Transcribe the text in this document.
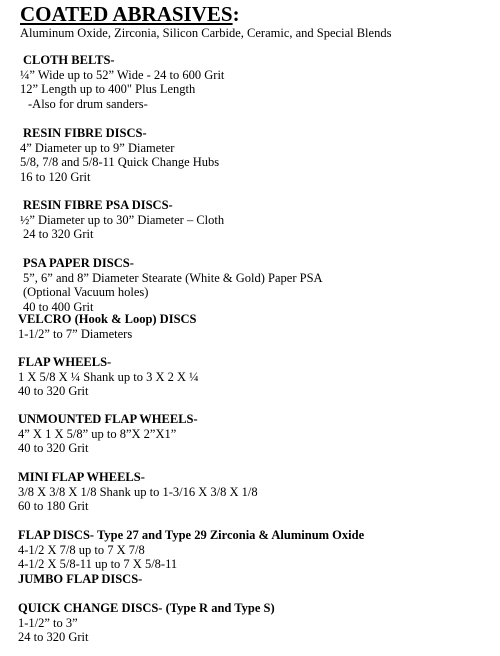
COATED ABRASIVES:
Aluminum Oxide, Zirconia, Silicon Carbide, Ceramic, and Special Blends
CLOTH BELTS-
¼” Wide up to 52” Wide - 24 to 600 Grit
12” Length up to 400" Plus Length
-Also for drum sanders-
RESIN FIBRE DISCS-
4” Diameter up to 9” Diameter
5/8, 7/8 and 5/8-11 Quick Change Hubs
16 to 120 Grit
RESIN FIBRE PSA DISCS-
½” Diameter up to 30” Diameter – Cloth
24 to 320 Grit
PSA PAPER DISCS-
5”, 6” and 8” Diameter Stearate (White & Gold) Paper PSA
(Optional Vacuum holes)
40 to 400 Grit
VELCRO (Hook & Loop) DISCS
1-1/2” to 7” Diameters
FLAP WHEELS-
1 X 5/8 X ¼ Shank up to 3 X 2 X ¼
40 to 320 Grit
UNMOUNTED FLAP WHEELS-
4” X 1 X 5/8” up to 8”X 2”X1”
40 to 320 Grit
MINI FLAP WHEELS-
3/8 X 3/8 X 1/8 Shank up to 1-3/16 X 3/8 X 1/8
60 to 180 Grit
FLAP DISCS- Type 27 and Type 29 Zirconia & Aluminum Oxide
4-1/2 X 7/8 up to 7 X 7/8
4-1/2 X 5/8-11 up to 7 X 5/8-11
JUMBO FLAP DISCS-
QUICK CHANGE DISCS- (Type R and Type S)
1-1/2” to 3”
24 to 320 Grit
